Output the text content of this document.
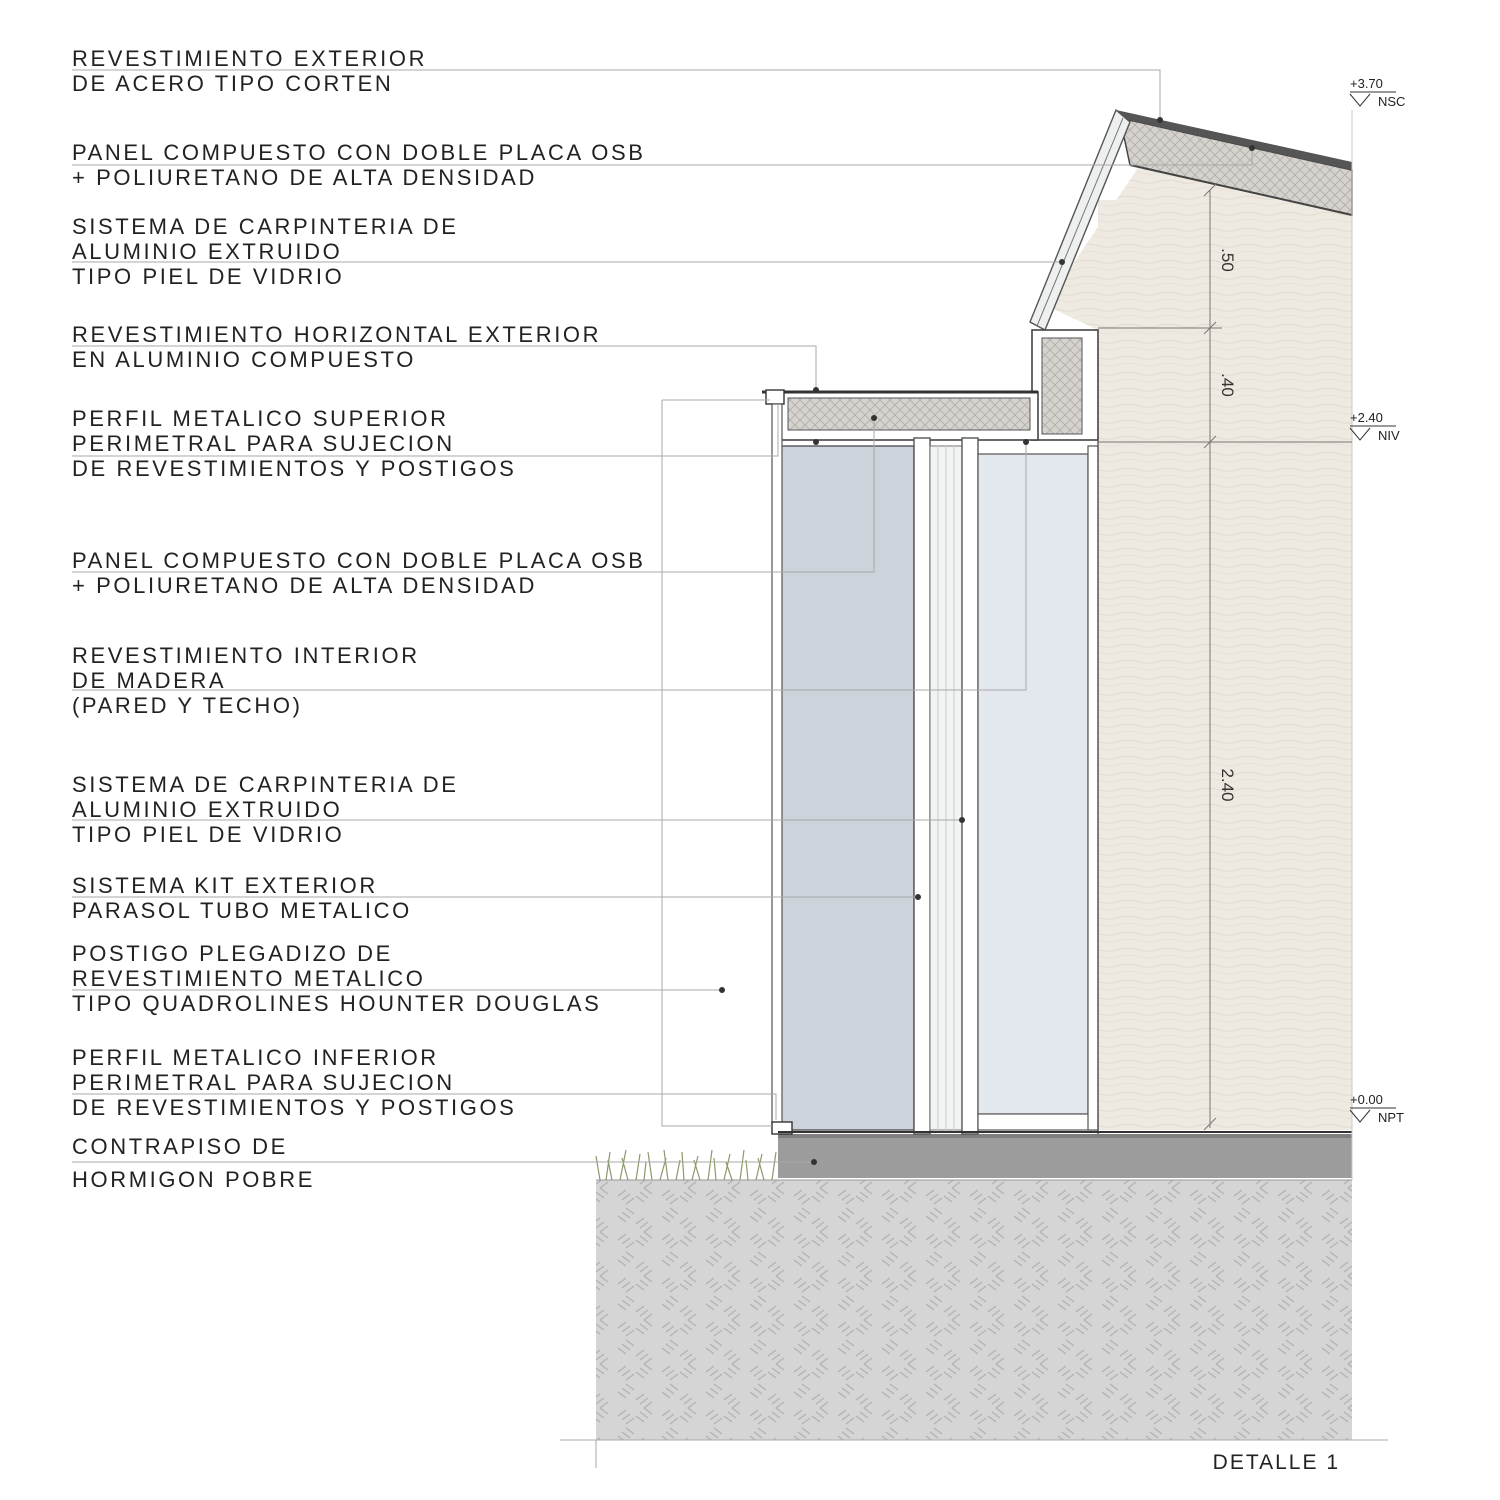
+3.70
NSC
+2.40
NIV
+0.00
NPT
.50
.40
2.40
REVESTIMIENTO EXTERIOR
DE ACERO TIPO CORTEN
PANEL COMPUESTO CON DOBLE PLACA OSB
+ POLIURETANO DE ALTA DENSIDAD
SISTEMA DE CARPINTERIA DE
ALUMINIO EXTRUIDO
TIPO PIEL DE VIDRIO
REVESTIMIENTO HORIZONTAL EXTERIOR
EN ALUMINIO COMPUESTO
PERFIL METALICO SUPERIOR
PERIMETRAL PARA SUJECION
DE REVESTIMIENTOS Y POSTIGOS
PANEL COMPUESTO CON DOBLE PLACA OSB
+ POLIURETANO DE ALTA DENSIDAD
REVESTIMIENTO INTERIOR
DE MADERA
(PARED Y TECHO)
SISTEMA DE CARPINTERIA DE
ALUMINIO EXTRUIDO
TIPO PIEL DE VIDRIO
SISTEMA KIT EXTERIOR
PARASOL TUBO METALICO
POSTIGO PLEGADIZO DE
REVESTIMIENTO METALICO
TIPO QUADROLINES HOUNTER DOUGLAS
PERFIL METALICO INFERIOR
PERIMETRAL PARA SUJECION
DE REVESTIMIENTOS Y POSTIGOS
CONTRAPISO DE
HORMIGON POBRE
DETALLE 1
